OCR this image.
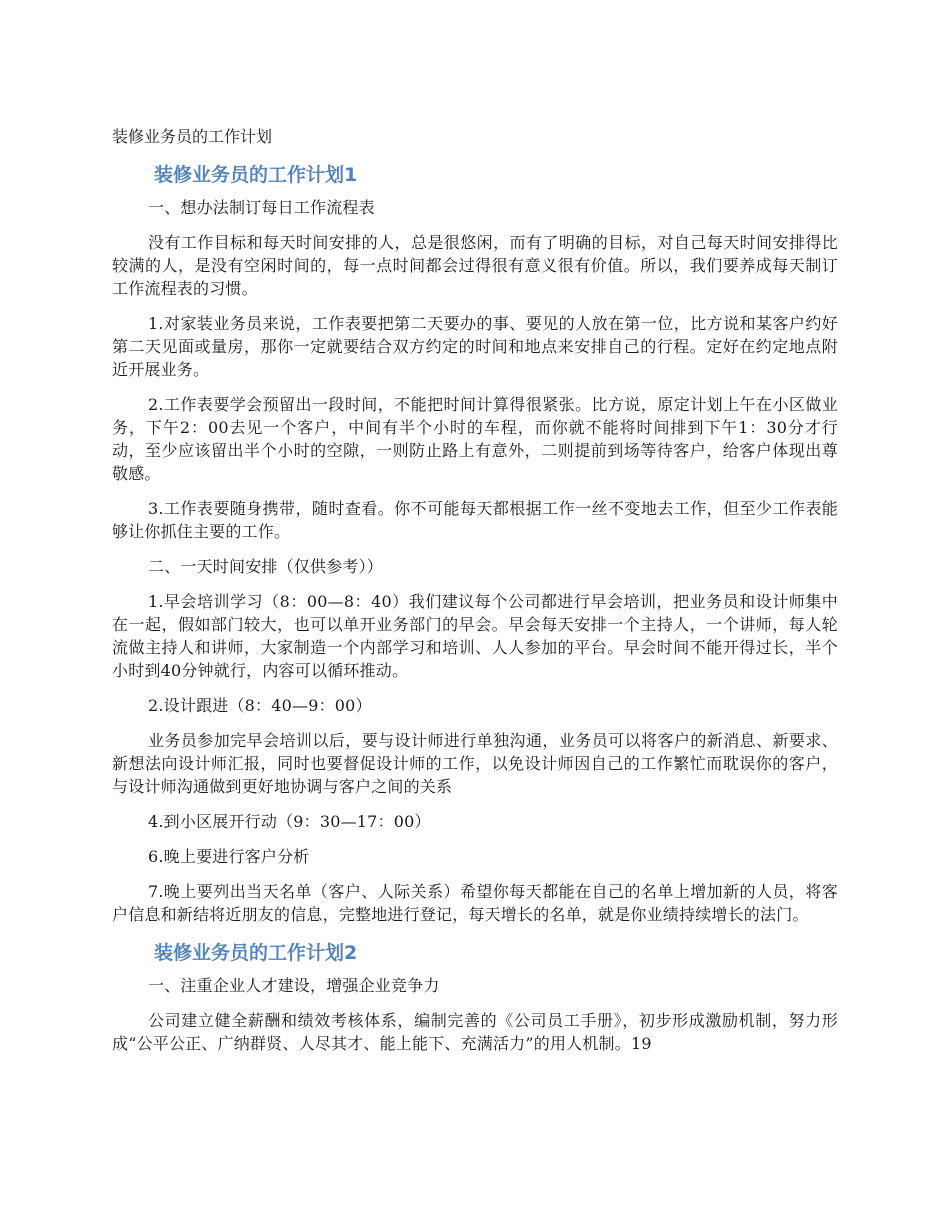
装修业务员的工作计划
装修业务员的工作计划1

一、想办法制订每日工作流程表

没有工作目标和每天时间安排的人，总是很悠闲，而有了明确的目标，对自己每天时间安排得比较满的人，是没有空闲时间的，每一点时间都会过得很有意义很有价值。所以，我们要养成每天制订工作流程表的习惯。

1.对家装业务员来说，工作表要把第二天要办的事、要见的人放在第一位，比方说和某客户约好第二天见面或量房，那你一定就要结合双方约定的时间和地点来安排自己的行程。定好在约定地点附近开展业务。

2.工作表要学会预留出一段时间，不能把时间计算得很紧张。比方说，原定计划上午在小区做业务，下午2：00去见一个客户，中间有半个小时的车程，而你就不能将时间排到下午1：30分才行动，至少应该留出半个小时的空隙，一则防止路上有意外，二则提前到场等待客户，给客户体现出尊敬感。

3.工作表要随身携带，随时查看。你不可能每天都根据工作一丝不变地去工作，但至少工作表能够让你抓住主要的工作。

二、一天时间安排（仅供参考））

1.早会培训学习（8：00—8：40）我们建议每个公司都进行早会培训，把业务员和设计师集中在一起，假如部门较大，也可以单开业务部门的早会。早会每天安排一个主持人，一个讲师，每人轮流做主持人和讲师，大家制造一个内部学习和培训、人人参加的平台。早会时间不能开得过长，半个小时到40分钟就行，内容可以循环推动。

2.设计跟进（8：40—9：00）

业务员参加完早会培训以后，要与设计师进行单独沟通，业务员可以将客户的新消息、新要求、新想法向设计师汇报，同时也要督促设计师的工作，以免设计师因自己的工作繁忙而耽误你的客户，与设计师沟通做到更好地协调与客户之间的关系

4.到小区展开行动（9：30—17：00）

6.晚上要进行客户分析

7.晚上要列出当天名单（客户、人际关系）希望你每天都能在自己的名单上增加新的人员，将客户信息和新结将近朋友的信息，完整地进行登记，每天增长的名单，就是你业绩持续增长的法门。

装修业务员的工作计划2

一、注重企业人才建设，增强企业竞争力

公司建立健全薪酬和绩效考核体系，编制完善的《公司员工手册》，初步形成激励机制，努力形成“公平公正、广纳群贤、人尽其才、能上能下、充满活力”的用人机制。19
